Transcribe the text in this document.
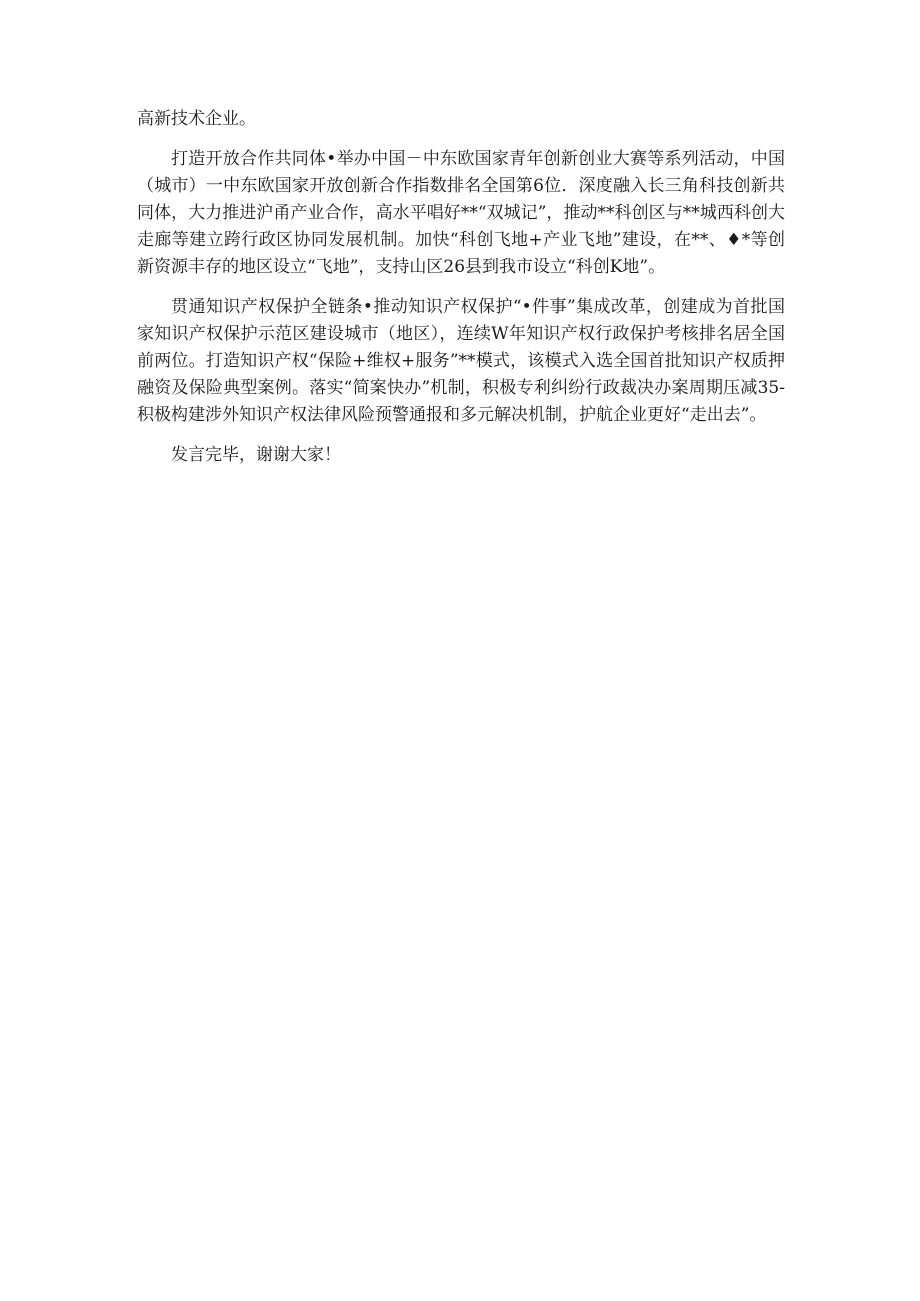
高新技术企业。

打造开放合作共同体•举办中国－中东欧国家青年创新创业大赛等系列活动，中国（城市）一中东欧国家开放创新合作指数排名全国第6位．深度融入长三角科技创新共同体，大力推进沪甬产业合作，高水平唱好**“双城记”，推动**科创区与**城西科创大走廊等建立跨行政区协同发展机制。加快“科创飞地+产业飞地”建设，在**、♦*等创新资源丰存的地区设立“飞地”，支持山区26县到我市设立“科创K地”。

贯通知识产权保护全链条•推动知识产权保护“•件事”集成改革，创建成为首批国家知识产权保护示范区建设城市（地区），连续W年知识产权行政保护考核排名居全国前两位。打造知识产权“保险+维权+服务”**模式，该模式入选全国首批知识产权质押融资及保险典型案例。落实“简案快办”机制，积极专利纠纷行政裁决办案周期压减35-积极构建涉外知识产权法律风险预警通报和多元解决机制，护航企业更好“走出去”。

发言完毕，谢谢大家！
